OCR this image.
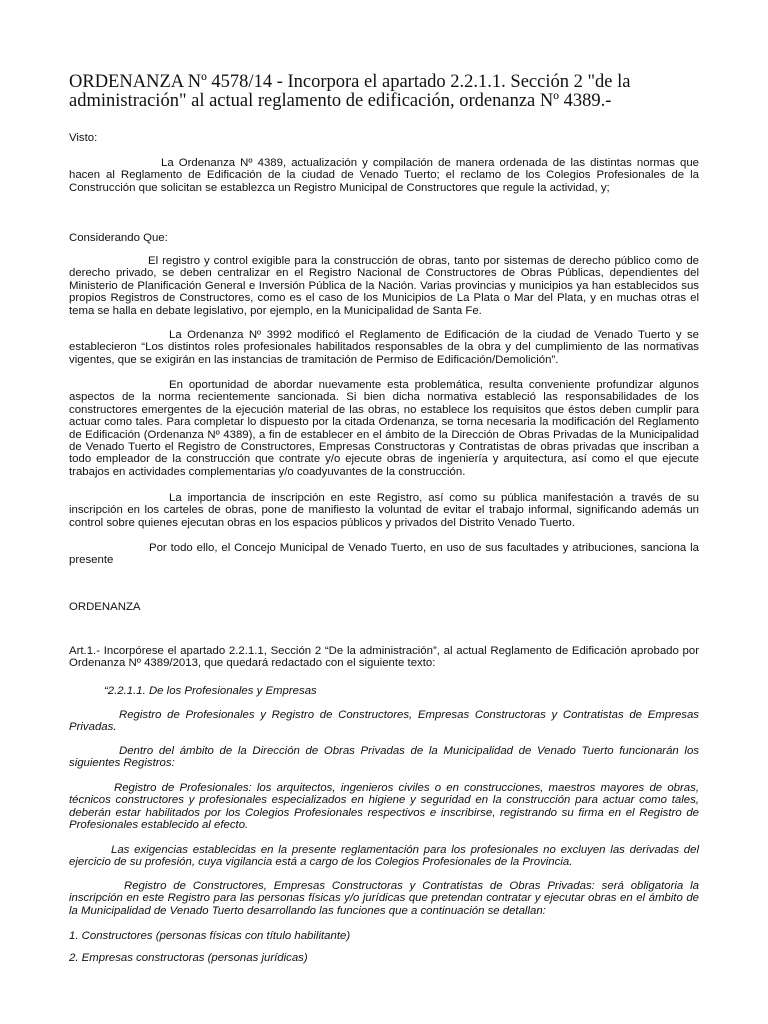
ORDENANZA Nº 4578/14 - Incorpora el apartado 2.2.1.1. Sección 2 "de la administración" al actual reglamento de edificación, ordenanza Nº 4389.-

Visto:

La Ordenanza Nº 4389, actualización y compilación de manera ordenada de las distintas normas que hacen al Reglamento de Edificación de la ciudad de Venado Tuerto; el reclamo de los Colegios Profesionales de la Construcción que solicitan se establezca un Registro Municipal de Constructores que regule la actividad, y;

Considerando Que:

El registro y control exigible para la construcción de obras, tanto por sistemas de derecho público como de derecho privado, se deben centralizar en el Registro Nacional de Constructores de Obras Públicas, dependientes del Ministerio de Planificación General e Inversión Pública de la Nación. Varias provincias y municipios ya han establecidos sus propios Registros de Constructores, como es el caso de los Municipios de La Plata o Mar del Plata, y en muchas otras el tema se halla en debate legislativo, por ejemplo, en la Municipalidad de Santa Fe.

La Ordenanza Nº 3992 modificó el Reglamento de Edificación de la ciudad de Venado Tuerto y se establecieron “Los distintos roles profesionales habilitados responsables de la obra y del cumplimiento de las normativas vigentes, que se exigirán en las instancias de tramitación de Permiso de Edificación/Demolición”.

En oportunidad de abordar nuevamente esta problemática, resulta conveniente profundizar algunos aspectos de la norma recientemente sancionada. Si bien dicha normativa estableció las responsabilidades de los constructores emergentes de la ejecución material de las obras, no establece los requisitos que éstos deben cumplir para actuar como tales. Para completar lo dispuesto por la citada Ordenanza, se torna necesaria la modificación del Reglamento de Edificación (Ordenanza Nº 4389), a fin de establecer en el ámbito de la Dirección de Obras Privadas de la Municipalidad de Venado Tuerto el Registro de Constructores, Empresas Constructoras y Contratistas de obras privadas que inscriban a todo empleador de la construcción que contrate y/o ejecute obras de ingeniería y arquitectura, así como el que ejecute trabajos en actividades complementarias y/o coadyuvantes de la construcción.

La importancia de inscripción en este Registro, así como su pública manifestación a través de su inscripción en los carteles de obras, pone de manifiesto la voluntad de evitar el trabajo informal, significando además un control sobre quienes ejecutan obras en los espacios públicos y privados del Distrito Venado Tuerto.

Por todo ello, el Concejo Municipal de Venado Tuerto, en uso de sus facultades y atribuciones, sanciona la presente

ORDENANZA

Art.1.- Incorpórese el apartado 2.2.1.1, Sección 2 “De la administración”, al actual Reglamento de Edificación aprobado por Ordenanza Nº 4389/2013, que quedará redactado con el siguiente texto:

“2.2.1.1. De los Profesionales y Empresas

Registro de Profesionales y Registro de Constructores, Empresas Constructoras y Contratistas de Empresas Privadas.

Dentro del ámbito de la Dirección de Obras Privadas de la Municipalidad de Venado Tuerto funcionarán los siguientes Registros:

Registro de Profesionales: los arquitectos, ingenieros civiles o en construcciones, maestros mayores de obras, técnicos constructores y profesionales especializados en higiene y seguridad en la construcción para actuar como tales, deberán estar habilitados por los Colegios Profesionales respectivos e inscribirse, registrando su firma en el Registro de Profesionales establecido al efecto.

Las exigencias establecidas en la presente reglamentación para los profesionales no excluyen las derivadas del ejercicio de su profesión, cuya vigilancia está a cargo de los Colegios Profesionales de la Provincia.

Registro de Constructores, Empresas Constructoras y Contratistas de Obras Privadas: será obligatoria la inscripción en este Registro para las personas físicas y/o jurídicas que pretendan contratar y ejecutar obras en el ámbito de la Municipalidad de Venado Tuerto desarrollando las funciones que a continuación se detallan:

1. Constructores (personas físicas con título habilitante)

2. Empresas constructoras (personas jurídicas)
